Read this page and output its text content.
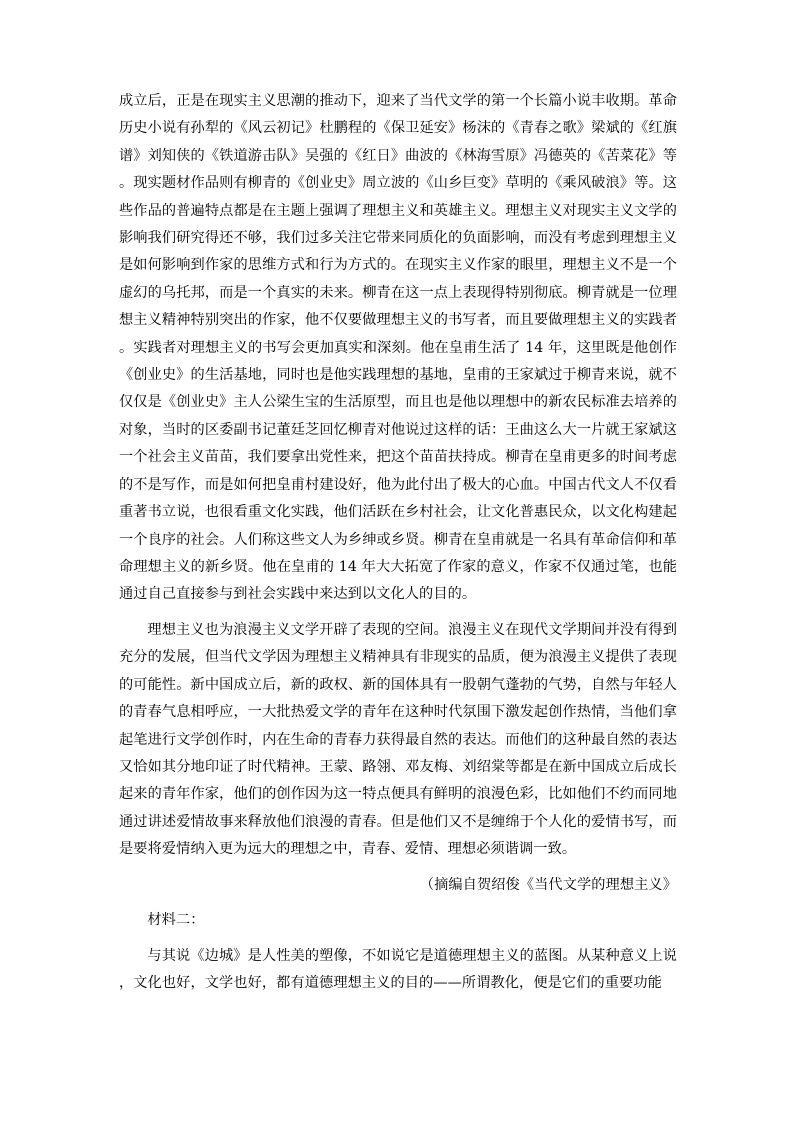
成立后，正是在现实主义思潮的推动下，迎来了当代文学的第一个长篇小说丰收期。革命历史小说有孙犁的《风云初记》杜鹏程的《保卫延安》杨沫的《青春之歌》梁斌的《红旗谱》刘知侠的《铁道游击队》吴强的《红日》曲波的《林海雪原》冯德英的《苦菜花》等。现实题材作品则有柳青的《创业史》周立波的《山乡巨变》草明的《乘风破浪》等。这些作品的普遍特点都是在主题上强调了理想主义和英雄主义。理想主义对现实主义文学的影响我们研究得还不够，我们过多关注它带来同质化的负面影响，而没有考虑到理想主义是如何影响到作家的思维方式和行为方式的。在现实主义作家的眼里，理想主义不是一个虚幻的乌托邦，而是一个真实的未来。柳青在这一点上表现得特别彻底。柳青就是一位理想主义精神特别突出的作家，他不仅要做理想主义的书写者，而且要做理想主义的实践者。实践者对理想主义的书写会更加真实和深刻。他在皇甫生活了 14 年，这里既是他创作《创业史》的生活基地，同时也是他实践理想的基地，皇甫的王家斌过于柳青来说，就不仅仅是《创业史》主人公梁生宝的生活原型，而且也是他以理想中的新农民标准去培养的对象，当时的区委副书记董廷芝回忆柳青对他说过这样的话：王曲这么大一片就王家斌这一个社会主义苗苗，我们要拿出党性来，把这个苗苗扶持成。柳青在皇甫更多的时间考虑的不是写作，而是如何把皇甫村建设好，他为此付出了极大的心血。中国古代文人不仅看重著书立说，也很看重文化实践，他们活跃在乡村社会，让文化普惠民众，以文化构建起一个良序的社会。人们称这些文人为乡绅或乡贤。柳青在皇甫就是一名具有革命信仰和革命理想主义的新乡贤。他在皇甫的 14 年大大拓宽了作家的意义，作家不仅通过笔，也能通过自己直接参与到社会实践中来达到以文化人的目的。

理想主义也为浪漫主义文学开辟了表现的空间。浪漫主义在现代文学期间并没有得到充分的发展，但当代文学因为理想主义精神具有非现实的品质，便为浪漫主义提供了表现的可能性。新中国成立后，新的政权、新的国体具有一股朝气蓬勃的气势，自然与年轻人的青春气息相呼应，一大批热爱文学的青年在这种时代氛围下激发起创作热情，当他们拿起笔进行文学创作时，内在生命的青春力获得最自然的表达。而他们的这种最自然的表达又恰如其分地印证了时代精神。王蒙、路翎、邓友梅、刘绍棠等都是在新中国成立后成长起来的青年作家，他们的创作因为这一特点便具有鲜明的浪漫色彩，比如他们不约而同地通过讲述爱情故事来释放他们浪漫的青春。但是他们又不是缠绵于个人化的爱情书写，而是要将爱情纳入更为远大的理想之中，青春、爱情、理想必须谐调一致。

（摘编自贺绍俊《当代文学的理想主义》

材料二：

与其说《边城》是人性美的塑像，不如说它是道德理想主义的蓝图。从某种意义上说，文化也好，文学也好，都有道德理想主义的目的——所谓教化，便是它们的重要功能
